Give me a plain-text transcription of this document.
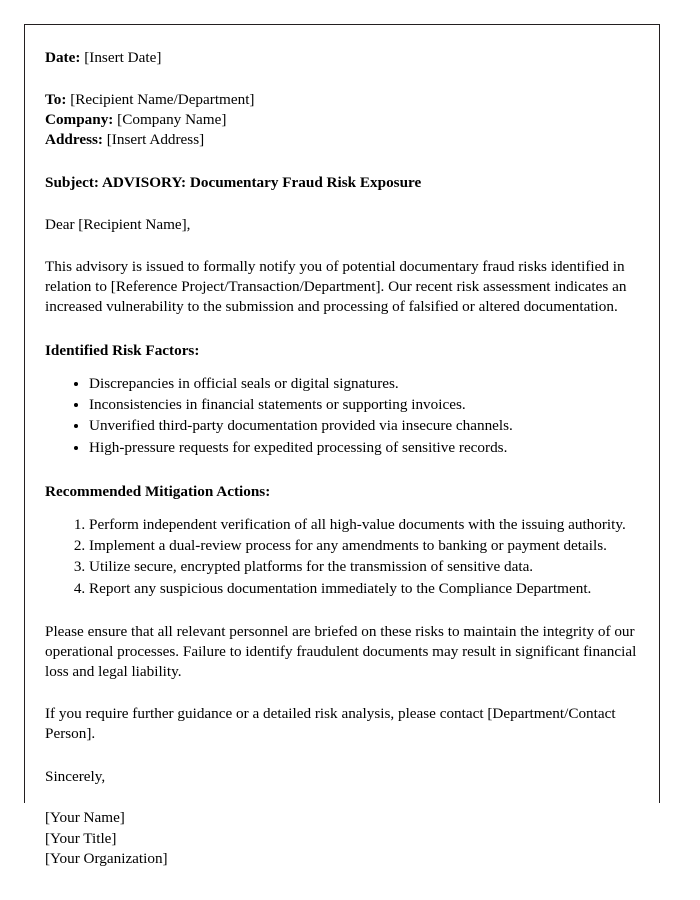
Date: [Insert Date]

To: [Recipient Name/Department]

Company: [Company Name]

Address: [Insert Address]

Subject: ADVISORY: Documentary Fraud Risk Exposure

Dear [Recipient Name],

This advisory is issued to formally notify you of potential documentary fraud risks identified in relation to [Reference Project/Transaction/Department]. Our recent risk assessment indicates an increased vulnerability to the submission and processing of falsified or altered documentation.

Identified Risk Factors:

• Discrepancies in official seals or digital signatures.
• Inconsistencies in financial statements or supporting invoices.
• Unverified third-party documentation provided via insecure channels.
• High-pressure requests for expedited processing of sensitive records.

Recommended Mitigation Actions:

1. Perform independent verification of all high-value documents with the issuing authority.
2. Implement a dual-review process for any amendments to banking or payment details.
3. Utilize secure, encrypted platforms for the transmission of sensitive data.
4. Report any suspicious documentation immediately to the Compliance Department.

Please ensure that all relevant personnel are briefed on these risks to maintain the integrity of our operational processes. Failure to identify fraudulent documents may result in significant financial loss and legal liability.

If you require further guidance or a detailed risk analysis, please contact [Department/Contact Person].

Sincerely,

[Your Name]

[Your Title]

[Your Organization]
